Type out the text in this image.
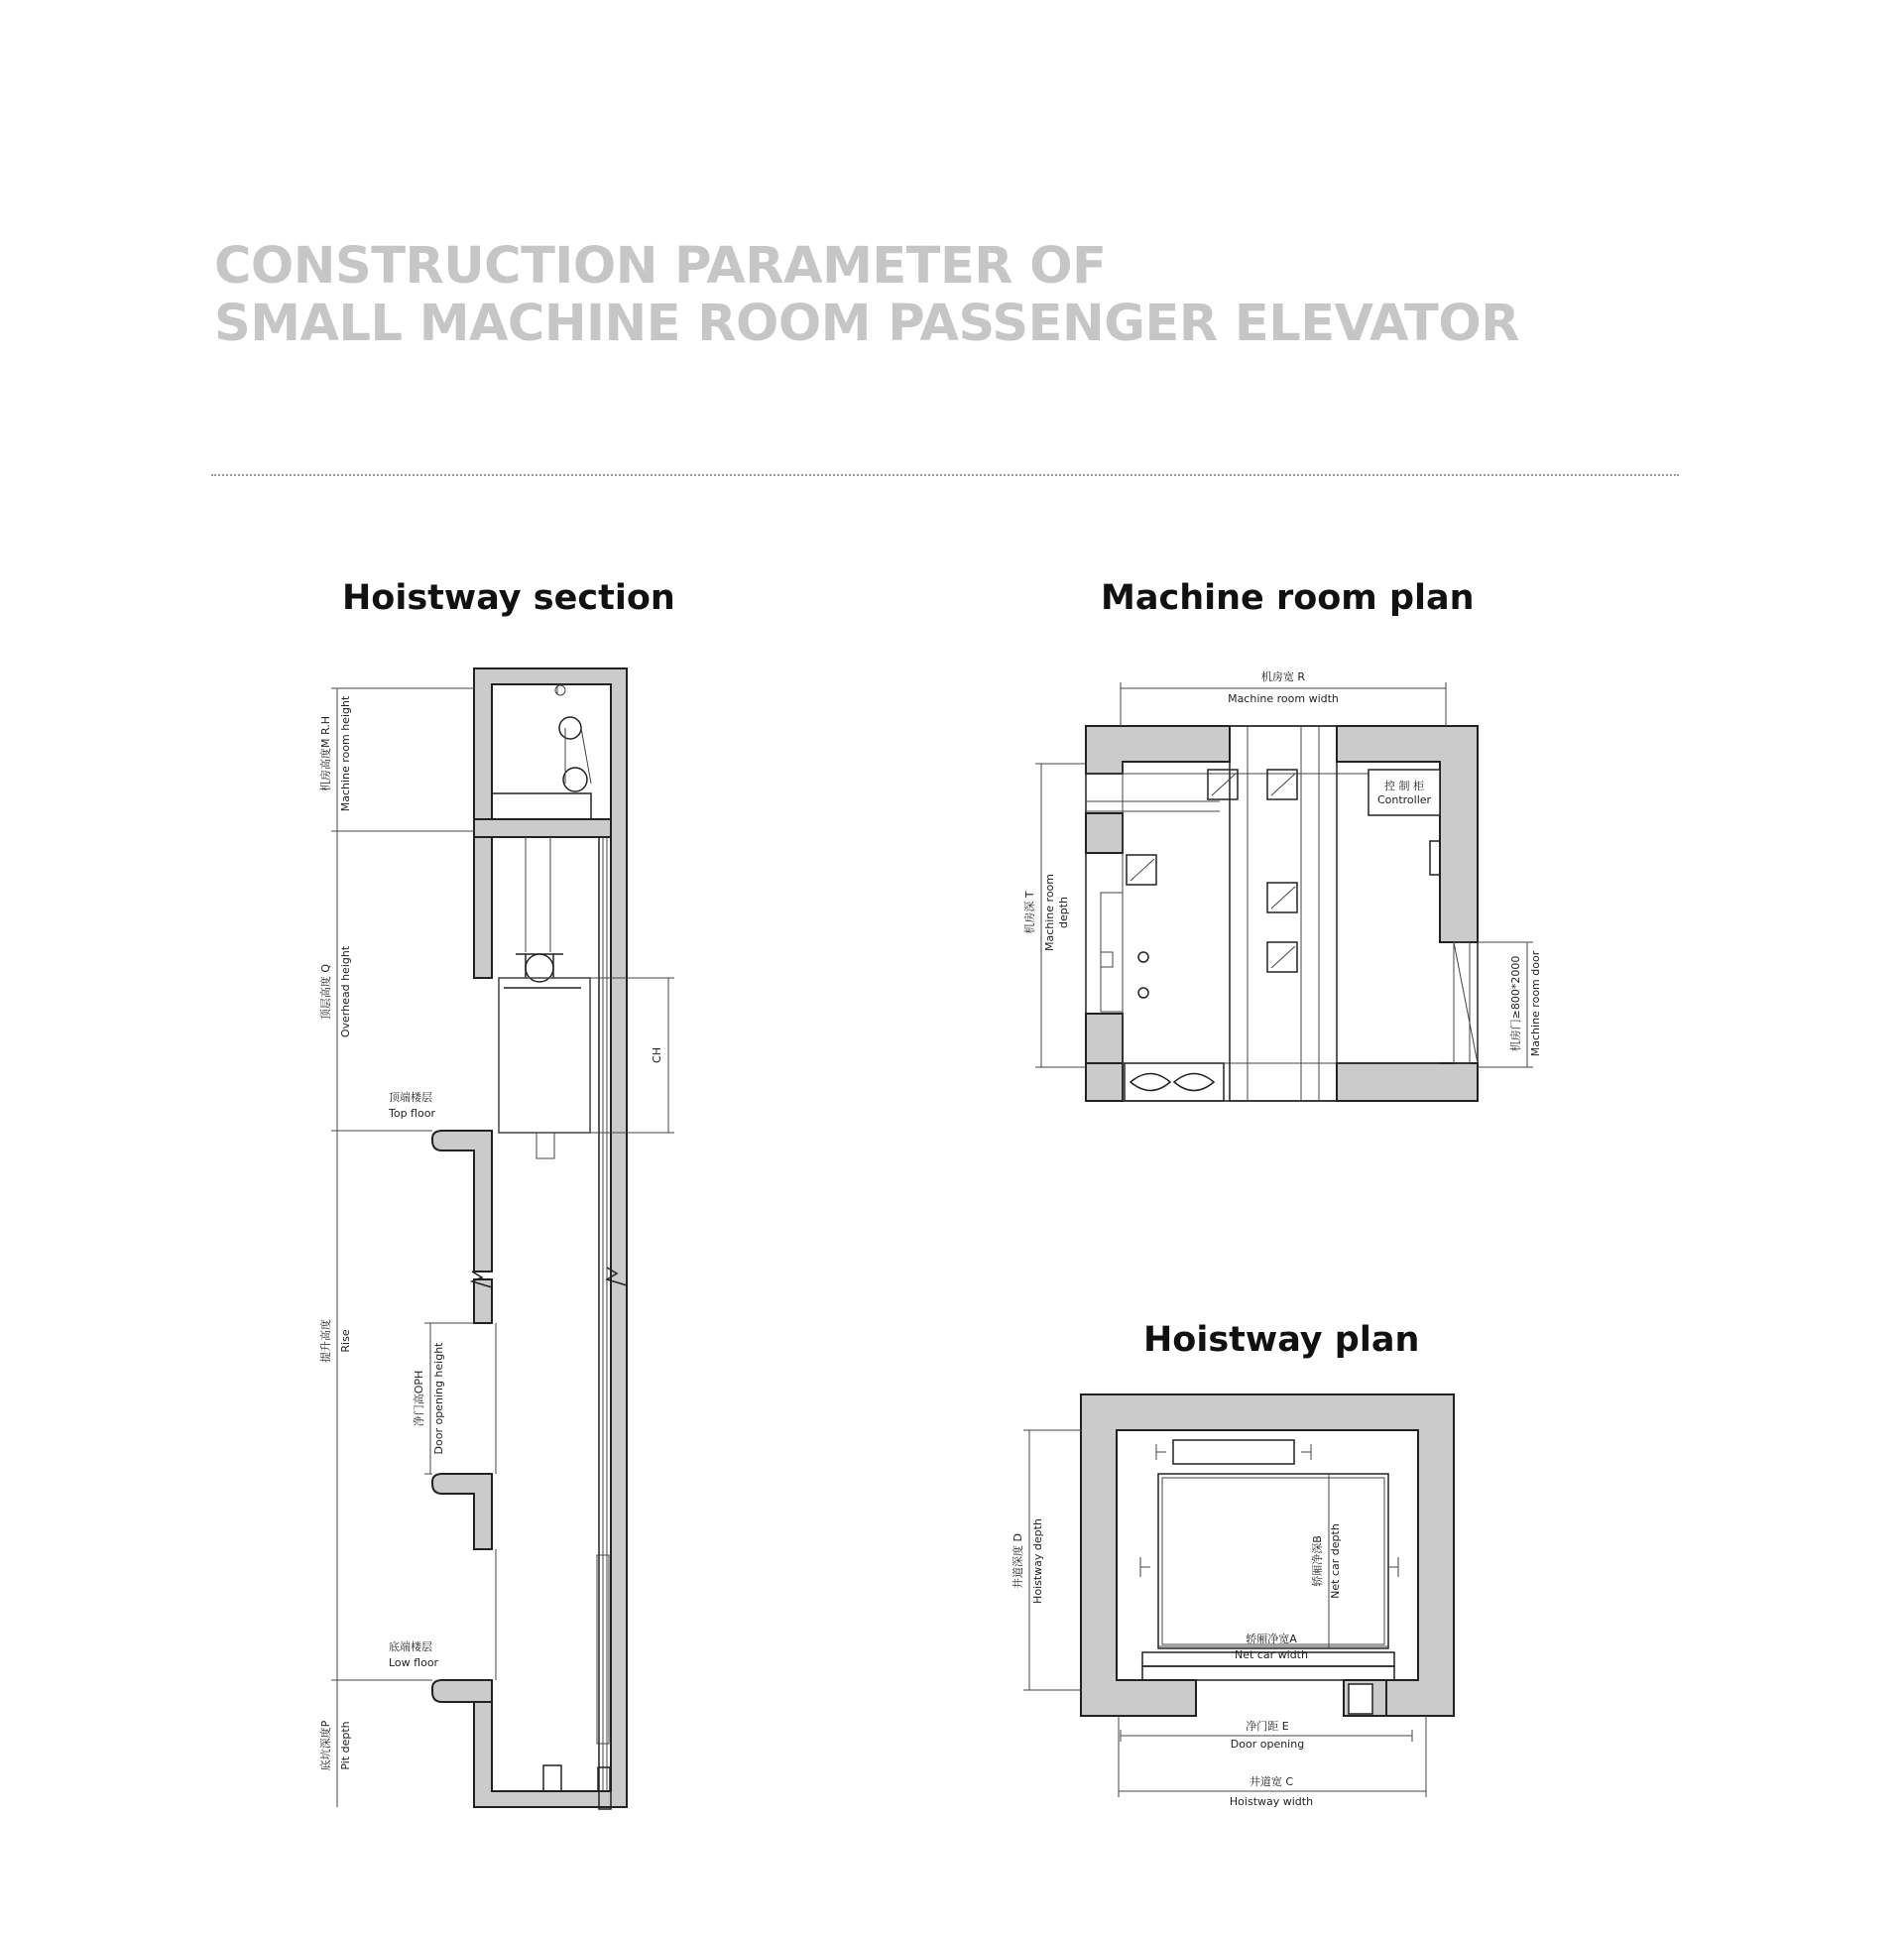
CONSTRUCTION PARAMETER OF
SMALL MACHINE ROOM PASSENGER ELEVATOR
Hoistway section	Machine room plan
Hoistway plan
机房高度M R.H Machine room height
顶层高度 Q Overhead height
提升高度 Rise
底坑深度P Pit depth
净门高OPH Door opening height
CH
顶端楼层
Top floor
底端楼层
Low floor
机房宽 R
Machine room width
控 制 柜
Controller
机房深 T Machine room depth
机房门≥800*2000 Machine room door
井道深度 D Hoistway depth	轿厢净深B Net car depth
轿厢净宽A
Net car width
净门距 E
Door opening
井道宽 C
Hoistway width
